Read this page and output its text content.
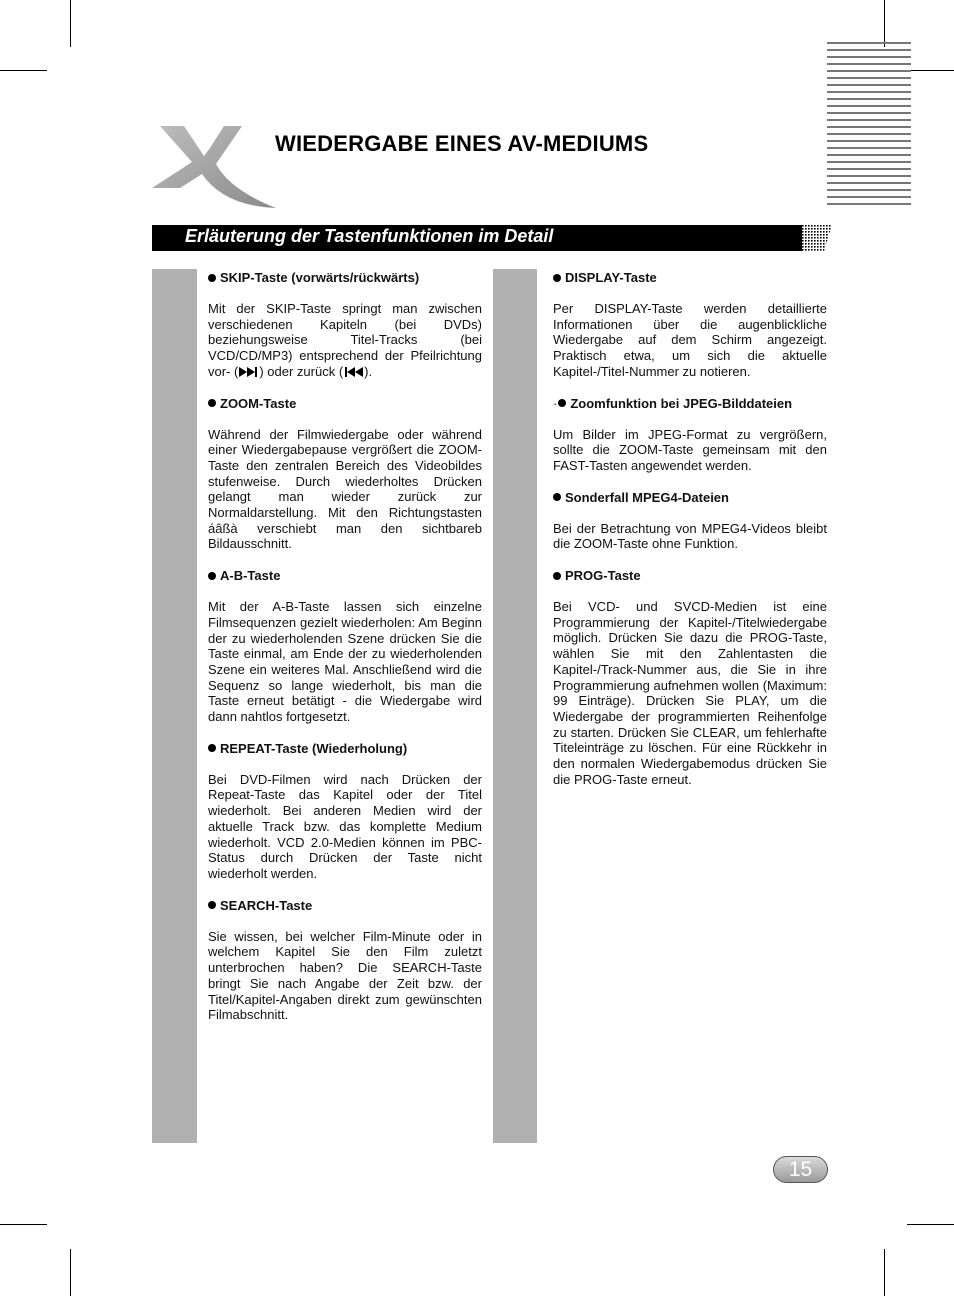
WIEDERGABE EINES AV-MEDIUMS
Erläuterung der Tastenfunktionen im Detail

SKIP-Taste (vorwärts/rückwärts)

Mit der SKIP-Taste springt man zwischen verschiedenen Kapiteln (bei DVDs) beziehungsweise Titel-Tracks (bei VCD/CD/MP3) entsprechend der Pfeilrichtung vor- ( ) oder zurück ( ).

ZOOM-Taste

Während der Filmwiedergabe oder während einer Wiedergabepause vergrößert die ZOOM-Taste den zentralen Bereich des Videobildes stufenweise. Durch wiederholtes Drücken gelangt man wieder zurück zur Normaldarstellung. Mit den Richtungstasten áâßà verschiebt man den sichtbareb Bildausschnitt.

A-B-Taste

Mit der A-B-Taste lassen sich einzelne Filmsequenzen gezielt wiederholen: Am Beginn der zu wiederholenden Szene drücken Sie die Taste einmal, am Ende der zu wiederholenden Szene ein weiteres Mal. Anschließend wird die Sequenz so lange wiederholt, bis man die Taste erneut betätigt - die Wiedergabe wird dann nahtlos fortgesetzt.

REPEAT-Taste (Wiederholung)

Bei DVD-Filmen wird nach Drücken der Repeat-Taste das Kapitel oder der Titel wiederholt. Bei anderen Medien wird der aktuelle Track bzw. das komplette Medium wiederholt. VCD 2.0-Medien können im PBC-Status durch Drücken der Taste nicht wiederholt werden.

SEARCH-Taste

Sie wissen, bei welcher Film-Minute oder in welchem Kapitel Sie den Film zuletzt unterbrochen haben? Die SEARCH-Taste bringt Sie nach Angabe der Zeit bzw. der Titel/Kapitel-Angaben direkt zum gewünschten Filmabschnitt.

DISPLAY-Taste

Per DISPLAY-Taste werden detaillierte Informationen über die augenblickliche Wiedergabe auf dem Schirm angezeigt. Praktisch etwa, um sich die aktuelle Kapitel-/Titel-Nummer zu notieren.

· Zoomfunktion bei JPEG-Bilddateien

Um Bilder im JPEG-Format zu vergrößern, sollte die ZOOM-Taste gemeinsam mit den FAST-Tasten angewendet werden.

Sonderfall MPEG4-Dateien

Bei der Betrachtung von MPEG4-Videos bleibt die ZOOM-Taste ohne Funktion.

PROG-Taste

Bei VCD- und SVCD-Medien ist eine Programmierung der Kapitel-/Titelwiedergabe möglich. Drücken Sie dazu die PROG-Taste, wählen Sie mit den Zahlentasten die Kapitel-/Track-Nummer aus, die Sie in ihre Programmierung aufnehmen wollen (Maximum: 99 Einträge). Drücken Sie PLAY, um die Wiedergabe der programmierten Reihenfolge zu starten. Drücken Sie CLEAR, um fehlerhafte Titeleinträge zu löschen. Für eine Rückkehr in den normalen Wiedergabemodus drücken Sie die PROG-Taste erneut.

15
